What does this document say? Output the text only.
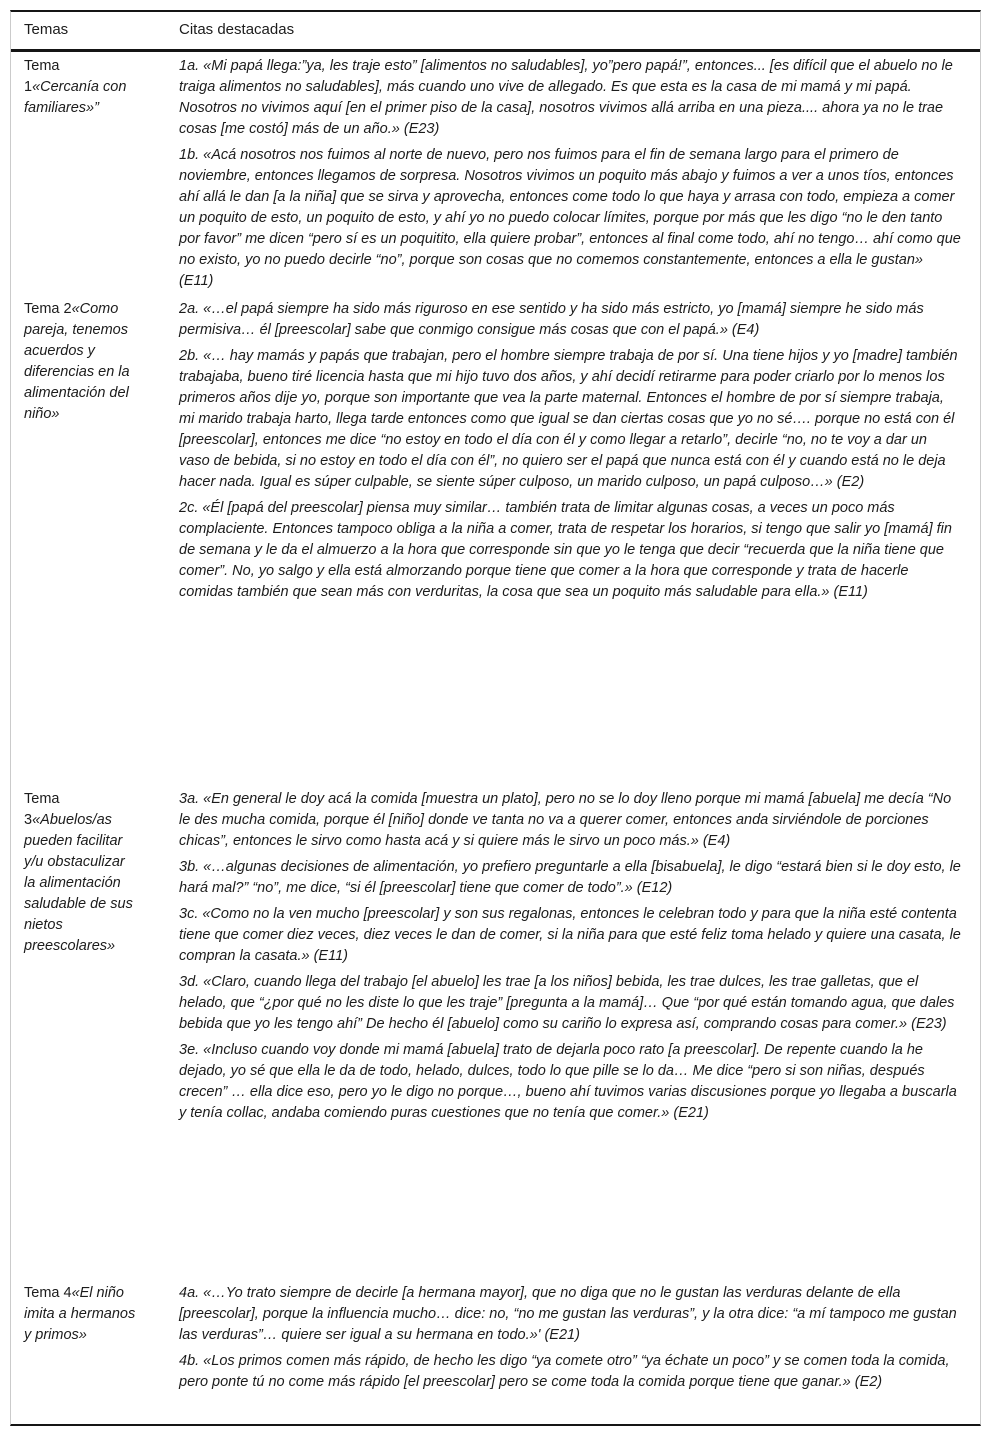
Temas	Citas destacadas
Tema 1«Cercanía con familiares»”

1a. «Mi papá llega:”ya, les traje esto” [alimentos no saludables], yo”pero papá!”, entonces... [es difícil que el abuelo no le traiga alimentos no saludables], más cuando uno vive de allegado. Es que esta es la casa de mi mamá y mi papá. Nosotros no vivimos aquí [en el primer piso de la casa], nosotros vivimos allá arriba en una pieza.... ahora ya no le trae cosas [me costó] más de un año.» (E23)

1b. «Acá nosotros nos fuimos al norte de nuevo, pero nos fuimos para el fin de semana largo para el primero de noviembre, entonces llegamos de sorpresa. Nosotros vivimos un poquito más abajo y fuimos a ver a unos tíos, entonces ahí allá le dan [a la niña] que se sirva y aprovecha, entonces come todo lo que haya y arrasa con todo, empieza a comer un poquito de esto, un poquito de esto, y ahí yo no puedo colocar límites, porque por más que les digo “no le den tanto por favor” me dicen “pero sí es un poquitito, ella quiere probar”, entonces al final come todo, ahí no tengo… ahí como que no existo, yo no puedo decirle “no”, porque son cosas que no comemos constantemente, entonces a ella le gustan» (E11)

Tema 2«Como pareja, tenemos acuerdos y diferencias en la alimentación del niño»

2a. «…el papá siempre ha sido más riguroso en ese sentido y ha sido más estricto, yo [mamá] siempre he sido más permisiva… él [preescolar] sabe que conmigo consigue más cosas que con el papá.» (E4)

2b. «… hay mamás y papás que trabajan, pero el hombre siempre trabaja de por sí. Una tiene hijos y yo [madre] también trabajaba, bueno tiré licencia hasta que mi hijo tuvo dos años, y ahí decidí retirarme para poder criarlo por lo menos los primeros años dije yo, porque son importante que vea la parte maternal. Entonces el hombre de por sí siempre trabaja, mi marido trabaja harto, llega tarde entonces como que igual se dan ciertas cosas que yo no sé…. porque no está con él [preescolar], entonces me dice “no estoy en todo el día con él y como llegar a retarlo”, decirle “no, no te voy a dar un vaso de bebida, si no estoy en todo el día con él”, no quiero ser el papá que nunca está con él y cuando está no le deja hacer nada. Igual es súper culpable, se siente súper culposo, un marido culposo, un papá culposo…» (E2)

2c. «Él [papá del preescolar] piensa muy similar… también trata de limitar algunas cosas, a veces un poco más complaciente. Entonces tampoco obliga a la niña a comer, trata de respetar los horarios, si tengo que salir yo [mamá] fin de semana y le da el almuerzo a la hora que corresponde sin que yo le tenga que decir “recuerda que la niña tiene que comer”. No, yo salgo y ella está almorzando porque tiene que comer a la hora que corresponde y trata de hacerle comidas también que sean más con verduritas, la cosa que sea un poquito más saludable para ella.» (E11)

Tema 3«Abuelos/as pueden facilitar y/u obstaculizar la alimentación saludable de sus nietos preescolares»

3a. «En general le doy acá la comida [muestra un plato], pero no se lo doy lleno porque mi mamá [abuela] me decía “No le des mucha comida, porque él [niño] donde ve tanta no va a querer comer, entonces anda sirviéndole de porciones chicas”, entonces le sirvo como hasta acá y si quiere más le sirvo un poco más.» (E4)

3b. «…algunas decisiones de alimentación, yo prefiero preguntarle a ella [bisabuela], le digo “estará bien si le doy esto, le hará mal?” “no”, me dice, “si él [preescolar] tiene que comer de todo”.» (E12)

3c. «Como no la ven mucho [preescolar] y son sus regalonas, entonces le celebran todo y para que la niña esté contenta tiene que comer diez veces, diez veces le dan de comer, si la niña para que esté feliz toma helado y quiere una casata, le compran la casata.» (E11)

3d. «Claro, cuando llega del trabajo [el abuelo] les trae [a los niños] bebida, les trae dulces, les trae galletas, que el helado, que “¿por qué no les diste lo que les traje” [pregunta a la mamá]… Que “por qué están tomando agua, que dales bebida que yo les tengo ahí” De hecho él [abuelo] como su cariño lo expresa así, comprando cosas para comer.» (E23)

3e. «Incluso cuando voy donde mi mamá [abuela] trato de dejarla poco rato [a preescolar]. De repente cuando la he dejado, yo sé que ella le da de todo, helado, dulces, todo lo que pille se lo da… Me dice “pero si son niñas, después crecen” … ella dice eso, pero yo le digo no porque…, bueno ahí tuvimos varias discusiones porque yo llegaba a buscarla y tenía collac, andaba comiendo puras cuestiones que no tenía que comer.» (E21)

Tema 4«El niño imita a hermanos y primos»

4a. «…Yo trato siempre de decirle [a hermana mayor], que no diga que no le gustan las verduras delante de ella [preescolar], porque la influencia mucho… dice: no, “no me gustan las verduras”, y la otra dice: “a mí tampoco me gustan las verduras”… quiere ser igual a su hermana en todo.»' (E21)

4b. «Los primos comen más rápido, de hecho les digo “ya comete otro” “ya échate un poco” y se comen toda la comida, pero ponte tú no come más rápido [el preescolar] pero se come toda la comida porque tiene que ganar.» (E2)
